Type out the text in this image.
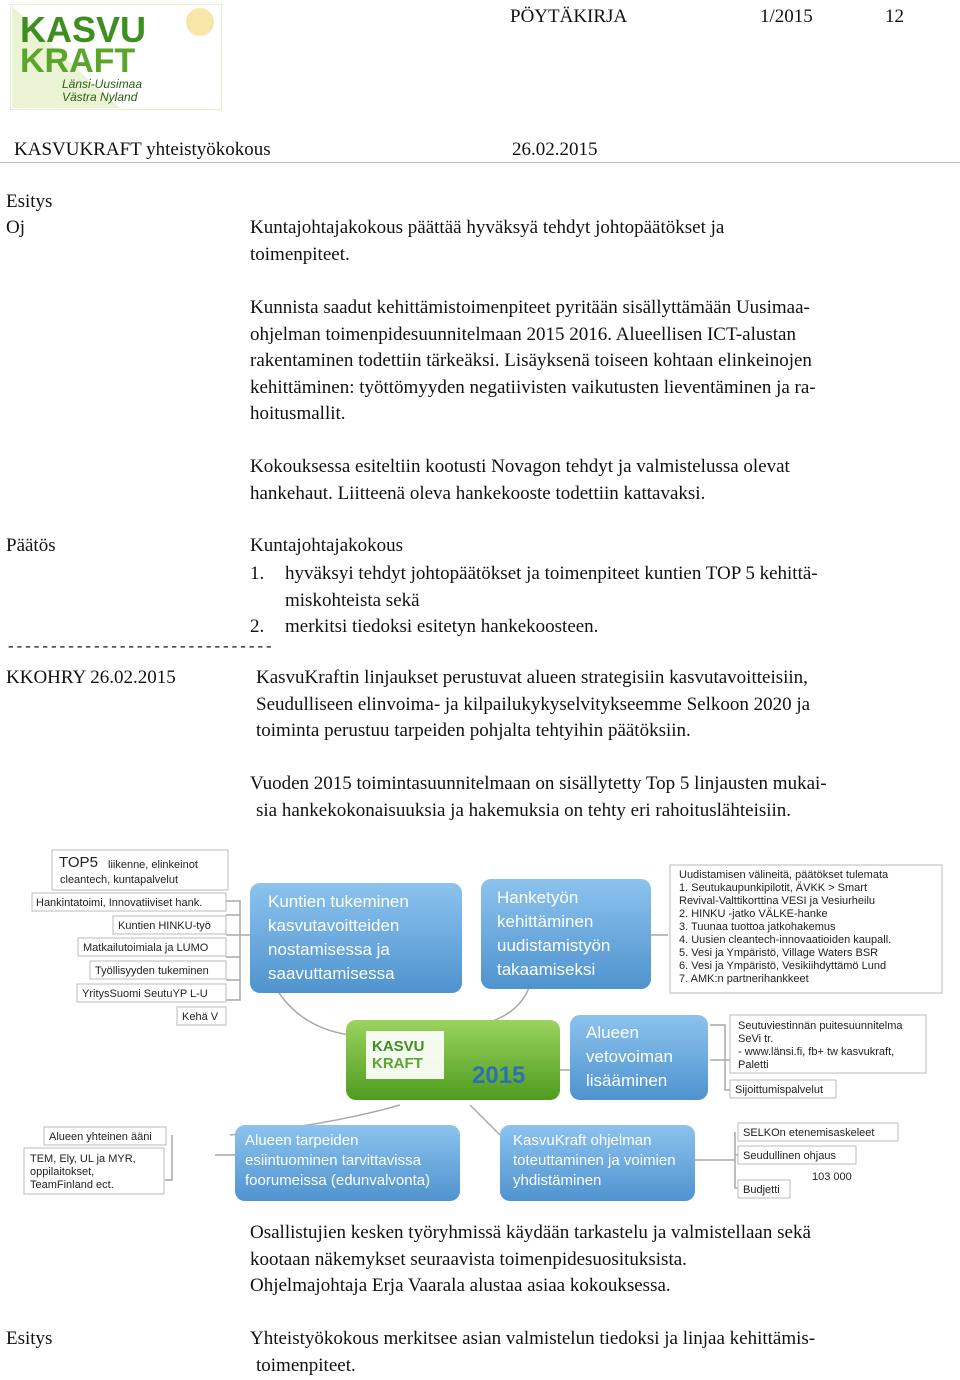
KASVU
KRAFT
Länsi-Uusimaa
Västra Nyland
PÖYTÄKIRJA	1/2015	12
KASVUKRAFT yhteistyökokous	26.02.2015
Esitys
Oj	Kuntajohtajakokous päättää hyväksyä tehdyt johtopäätökset ja
toimenpiteet.
Kunnista saadut kehittämistoimenpiteet pyritään sisällyttämään Uusimaa-
ohjelman toimenpidesuunnitelmaan 2015 2016. Alueellisen ICT-alustan
rakentaminen todettiin tärkeäksi. Lisäyksenä toiseen kohtaan elinkeinojen
kehittäminen: työttömyyden negatiivisten vaikutusten lieventäminen ja ra-
hoitusmallit.
Kokouksessa esiteltiin kootusti Novagon tehdyt ja valmistelussa olevat
hankehaut. Liitteenä oleva hankekooste todettiin kattavaksi.
Päätös	Kuntajohtajakokous
1. hyväksyi tehdyt johtopäätökset ja toimenpiteet kuntien TOP 5 kehittä-
miskohteista sekä
2. merkitsi tiedoksi esitetyn hankekoosteen.
-------------------------------
KKOHRY 26.02.2015	KasvuKraftin linjaukset perustuvat alueen strategisiin kasvutavoitteisiin,
Seudulliseen elinvoima- ja kilpailukykyselvitykseemme Selkoon 2020 ja
toiminta perustuu tarpeiden pohjalta tehtyihin päätöksiin.
Vuoden 2015 toimintasuunnitelmaan on sisällytetty Top 5 linjausten mukai-
sia hankekokonaisuuksia ja hakemuksia on tehty eri rahoituslähteisiin.
TOP5 liikenne, elinkeinot
cleantech, kuntapalvelut
Hankintatoimi, Innovatiiviset hank.
Kuntien HINKU-työ
Matkailutoimiala ja LUMO
Työllisyyden tukeminen
YritysSuomi SeutuYP L-U
Kehä V
Kuntien tukeminen
kasvutavoitteiden
nostamisessa ja
saavuttamisessa
Hanketyön
kehittäminen
uudistamistyön
takaamiseksi
Uudistamisen välineitä, päätökset tulemata
1. Seutukaupunkipilotit, ÄVKK > Smart
Revival-Valttikorttina VESI ja Vesiurheilu
2. HINKU -jatko VÄLKE-hanke
3. Tuunaa tuottoa jatkohakemus
4. Uusien cleantech-innovaatioiden kaupall.
5. Vesi ja Ympäristö, Village Waters BSR
6. Vesi ja Ympäristö, Vesikiihdyttämö Lund
7. AMK:n partnerihankkeet
KASVU
KRAFT 2015
Alueen
vetovoiman
lisääminen
Seutuviestinnän puitesuunnitelma
SeVi tr.
- www.länsi.fi, fb+ tw kasvukraft,
Paletti
Sijoittumispalvelut
Alueen yhteinen ääni
TEM, Ely, UL ja MYR,
oppilaitokset,
TeamFinland ect.
Alueen tarpeiden
esiintuominen tarvittavissa
foorumeissa (edunvalvonta)
KasvuKraft ohjelman
toteuttaminen ja voimien
yhdistäminen
SELKOn etenemisaskeleet
Seudullinen ohjaus
Budjetti
103 000
Osallistujien kesken työryhmissä käydään tarkastelu ja valmistellaan sekä
kootaan näkemykset seuraavista toimenpidesuosituksista.
Ohjelmajohtaja Erja Vaarala alustaa asiaa kokouksessa.
Esitys	Yhteistyökokous merkitsee asian valmistelun tiedoksi ja linjaa kehittämis-
toimenpiteet.
